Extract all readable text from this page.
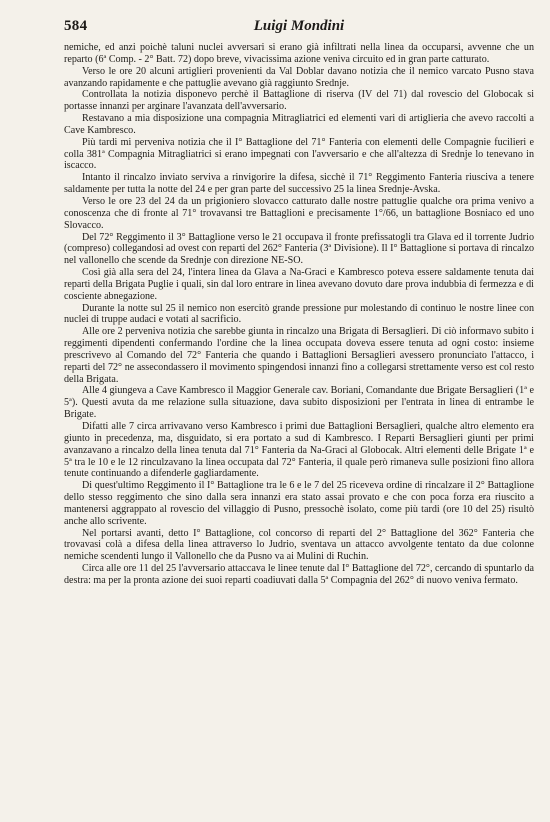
584	Luigi Mondini

nemiche, ed anzi poichè taluni nuclei avversari si erano già infiltrati nella linea da occuparsi, avvenne che un reparto (6ª Comp. - 2° Batt. 72) dopo breve, vivacissima azione veniva circuito ed in gran parte catturato.

Verso le ore 20 alcuni artiglieri provenienti da Val Doblar davano notizia che il nemico varcato Pusno stava avanzando rapidamente e che pattuglie avevano già raggiunto Srednje.

Controllata la notizia disponevo perchè il Battaglione di riserva (IV del 71) dal rovescio del Globocak si portasse innanzi per arginare l'avanzata dell'avversario.

Restavano a mia disposizione una compagnia Mitragliatrici ed elementi vari di artiglieria che avevo raccolti a Cave Kambresco.

Più tardi mi perveniva notizia che il I° Battaglione del 71° Fanteria con elementi delle Compagnie fucilieri e colla 381ª Compagnia Mitragliatrici si erano impegnati con l'avversario e che all'altezza di Srednje lo tenevano in iscacco.

Intanto il rincalzo inviato serviva a rinvigorire la difesa, sicchè il 71° Reggimento Fanteria riusciva a tenere saldamente per tutta la notte del 24 e per gran parte del successivo 25 la linea Srednje-Avska.

Verso le ore 23 del 24 da un prigioniero slovacco catturato dalle nostre pattuglie qualche ora prima venivo a conoscenza che di fronte al 71° trovavansi tre Battaglioni e precisamente 1°/66, un battaglione Bosniaco ed uno Slovacco.

Del 72° Reggimento il 3° Battaglione verso le 21 occupava il fronte prefissatogli tra Glava ed il torrente Judrio (compreso) collegandosi ad ovest con reparti del 262° Fanteria (3ª Divisione). Il I° Battaglione si portava di rincalzo nel vallonello che scende da Srednje con direzione NE-SO.

Così già alla sera del 24, l'intera linea da Glava a Na-Graci e Kambresco poteva essere saldamente tenuta dai reparti della Brigata Puglie i quali, sin dal loro entrare in linea avevano dovuto dare prova indubbia di fermezza e di cosciente abnegazione.

Durante la notte sul 25 il nemico non esercitò grande pressione pur molestando di continuo le nostre linee con nuclei di truppe audaci e votati al sacrificio.

Alle ore 2 perveniva notizia che sarebbe giunta in rincalzo una Brigata di Bersaglieri. Di ciò informavo subito i reggimenti dipendenti confermando l'ordine che la linea occupata doveva essere tenuta ad ogni costo: insieme prescrivevo al Comando del 72° Fanteria che quando i Battaglioni Bersaglieri avessero pronunciato l'attacco, i reparti del 72° ne assecondassero il movimento spingendosi innanzi fino a collegarsi strettamente verso est col resto della Brigata.

Alle 4 giungeva a Cave Kambresco il Maggior Generale cav. Boriani, Comandante due Brigate Bersaglieri (1ª e 5ª). Questi avuta da me relazione sulla situazione, dava subito disposizioni per l'entrata in linea di entrambe le Brigate.

Difatti alle 7 circa arrivavano verso Kambresco i primi due Battaglioni Bersaglieri, qualche altro elemento era giunto in precedenza, ma, disguidato, si era portato a sud di Kambresco. I Reparti Bersaglieri giunti per primi avanzavano a rincalzo della linea tenuta dal 71° Fanteria da Na-Graci al Globocak. Altri elementi delle Brigate 1ª e 5ª tra le 10 e le 12 rinculzavano la linea occupata dal 72° Fanteria, il quale però rimaneva sulle posizioni fino allora tenute continuando a difenderle gagliardamente.

Di quest'ultimo Reggimento il I° Battaglione tra le 6 e le 7 del 25 riceveva ordine di rincalzare il 2° Battaglione dello stesso reggimento che sino dalla sera innanzi era stato assai provato e che con poca forza era riuscito a mantenersi aggrappato al rovescio del villaggio di Pusno, pressochè isolato, come più tardi (ore 10 del 25) risultò anche allo scrivente.

Nel portarsi avanti, detto I° Battaglione, col concorso di reparti del 2° Battaglione del 362° Fanteria che trovavasi colà a difesa della linea attraverso lo Judrio, sventava un attacco avvolgente tentato da due colonne nemiche scendenti lungo il Vallonello che da Pusno va ai Mulini di Ruchin.

Circa alle ore 11 del 25 l'avversario attaccava le linee tenute dal I° Battaglione del 72°, cercando di spuntarlo da destra: ma per la pronta azione dei suoi reparti coadiuvati dalla 5ª Compagnia del 262° di nuovo veniva fermato.
